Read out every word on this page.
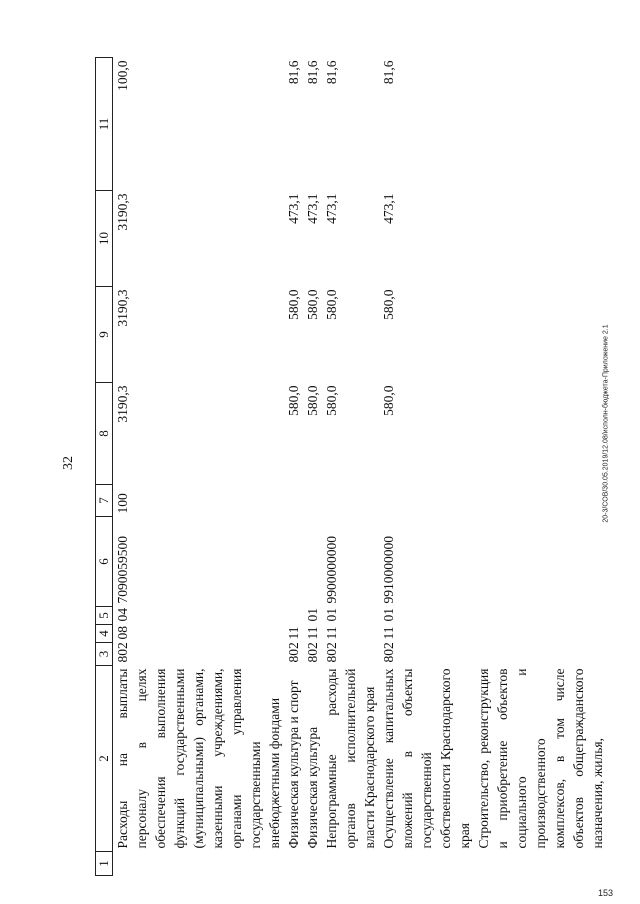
32	20-3/СОВ/30.05.2019/12.08/исполн-бюджета-Приложение 2.1
153
1	2	3	4	5	6	7	8	9	10	11
	Расходы на выплаты персоналу в целях обеспечения выполнения функций государственными (муниципальными) органами, казенными учреждениями, органами управления государственными внебюджетными фондами	802	08	04	7090059500	100	3190,3	3190,3	3190,3	100,0
	Физическая культура и спорт	802	11				580,0	580,0	473,1	81,6
	Физическая культура	802	11	01			580,0	580,0	473,1	81,6
	Непрограммные расходы органов исполнительной власти Краснодарского края	802	11	01	9900000000		580,0	580,0	473,1	81,6
	Осуществление капитальных вложений в объекты государственной собственности Краснодарского края	802	11	01	9910000000		580,0	580,0	473,1	81,6
	Строительство, реконструкция и приобретение объектов социального и производственного комплексов, в том числе объектов общегражданского назначения, жилья,									
